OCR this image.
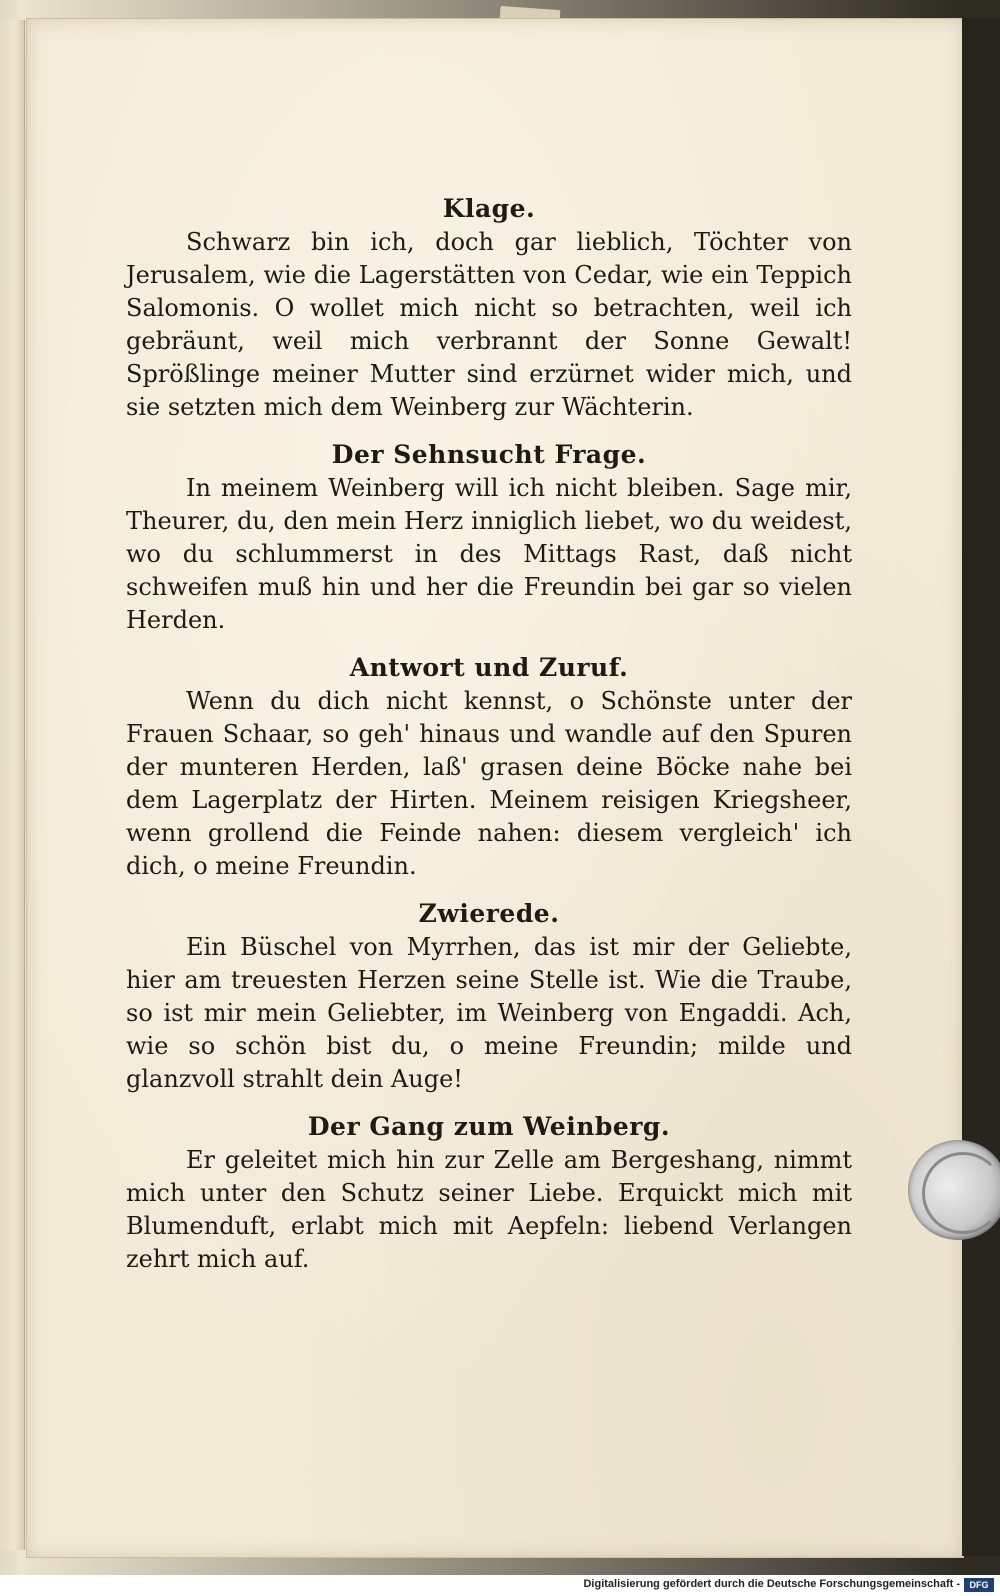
Klage.

Schwarz bin ich, doch gar lieblich, Töchter von Jerusalem, wie die Lagerstätten von Cedar, wie ein Teppich Salomonis. O wollet mich nicht so betrachten, weil ich gebräunt, weil mich verbrannt der Sonne Gewalt! Sprößlinge meiner Mutter sind erzürnet wider mich, und sie setzten mich dem Weinberg zur Wächterin.

Der Sehnsucht Frage.

In meinem Weinberg will ich nicht bleiben. Sage mir, Theurer, du, den mein Herz inniglich liebet, wo du weidest, wo du schlummerst in des Mittags Rast, daß nicht schweifen muß hin und her die Freundin bei gar so vielen Herden.

Antwort und Zuruf.

Wenn du dich nicht kennst, o Schönste unter der Frauen Schaar, so geh' hinaus und wandle auf den Spuren der munteren Herden, laß' grasen deine Böcke nahe bei dem Lagerplatz der Hirten. Meinem reisigen Kriegsheer, wenn grollend die Feinde nahen: diesem vergleich' ich dich, o meine Freundin.

Zwierede.

Ein Büschel von Myrrhen, das ist mir der Geliebte, hier am treuesten Herzen seine Stelle ist. Wie die Traube, so ist mir mein Geliebter, im Weinberg von Engaddi. Ach, wie so schön bist du, o meine Freundin; milde und glanzvoll strahlt dein Auge!

Der Gang zum Weinberg.

Er geleitet mich hin zur Zelle am Bergeshang, nimmt mich unter den Schutz seiner Liebe. Erquickt mich mit Blumenduft, erlabt mich mit Aepfeln: liebend Verlangen zehrt mich auf.

Digitalisierung gefördert durch die Deutsche Forschungsgemeinschaft -	DFG
